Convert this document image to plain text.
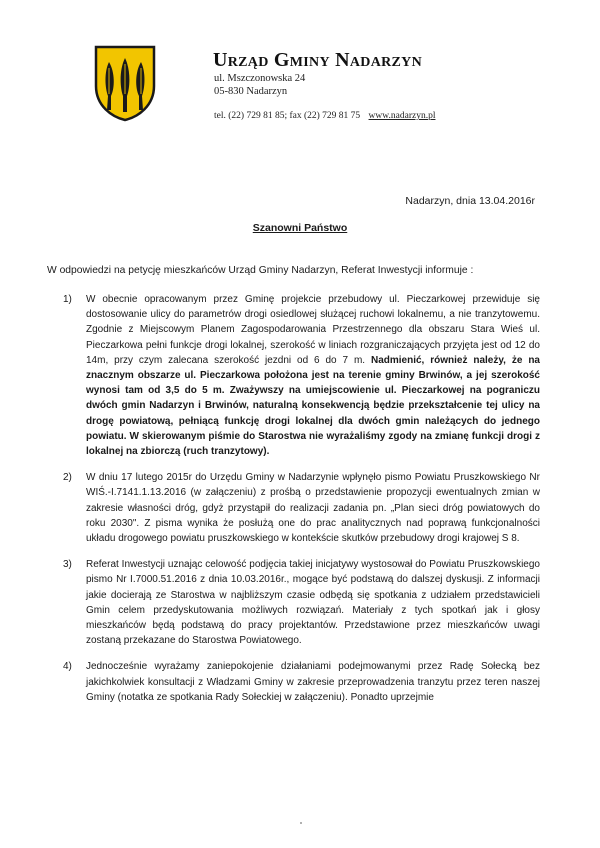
Urząd Gminy Nadarzyn
ul. Mszczonowska 24
05-830 Nadarzyn
tel. (22) 729 81 85; fax (22) 729 81 75 www.nadarzyn.pl
Nadarzyn, dnia 13.04.2016r
Szanowni Państwo
W odpowiedzi na petycję mieszkańców Urząd Gminy Nadarzyn, Referat Inwestycji informuje :
1) W obecnie opracowanym przez Gminę projekcie przebudowy ul. Pieczarkowej przewiduje się dostosowanie ulicy do parametrów drogi osiedlowej służącej ruchowi lokalnemu, a nie tranzytowemu. Zgodnie z Miejscowym Planem Zagospodarowania Przestrzennego dla obszaru Stara Wieś ul. Pieczarkowa pełni funkcje drogi lokalnej, szerokość w liniach rozgraniczających przyjęta jest od 12 do 14m, przy czym zalecana szerokość jezdni od 6 do 7 m. Nadmienić, również należy, że na znacznym obszarze ul. Pieczarkowa położona jest na terenie gminy Brwinów, a jej szerokość wynosi tam od 3,5 do 5 m. Zważywszy na umiejscowienie ul. Pieczarkowej na pograniczu dwóch gmin Nadarzyn i Brwinów, naturalną konsekwencją będzie przekształcenie tej ulicy na drogę powiatową, pełniącą funkcję drogi lokalnej dla dwóch gmin należących do jednego powiatu. W skierowanym piśmie do Starostwa nie wyrażaliśmy zgody na zmianę funkcji drogi z lokalnej na zbiorczą (ruch tranzytowy).
2) W dniu 17 lutego 2015r do Urzędu Gminy w Nadarzynie wpłynęło pismo Powiatu Pruszkowskiego Nr WIŚ.-I.7141.1.13.2016 (w załączeniu) z prośbą o przedstawienie propozycji ewentualnych zmian w zakresie własności dróg, gdyż przystąpił do realizacji zadania pn. „Plan sieci dróg powiatowych do roku 2030". Z pisma wynika że posłużą one do prac analitycznych nad poprawą funkcjonalności układu drogowego powiatu pruszkowskiego w kontekście skutków przebudowy drogi krajowej S 8.
3) Referat Inwestycji uznając celowość podjęcia takiej inicjatywy wystosował do Powiatu Pruszkowskiego pismo Nr I.7000.51.2016 z dnia 10.03.2016r., mogące być podstawą do dalszej dyskusji. Z informacji jakie docierają ze Starostwa w najbliższym czasie odbędą się spotkania z udziałem przedstawicieli Gmin celem przedyskutowania możliwych rozwiązań. Materiały z tych spotkań jak i głosy mieszkańców będą podstawą do pracy projektantów. Przedstawione przez mieszkańców uwagi zostaną przekazane do Starostwa Powiatowego.
4) Jednocześnie wyrażamy zaniepokojenie działaniami podejmowanymi przez Radę Sołecką bez jakichkolwiek konsultacji z Władzami Gminy w zakresie przeprowadzenia tranzytu przez teren naszej Gminy (notatka ze spotkania Rady Sołeckiej w załączeniu). Ponadto uprzejmie
